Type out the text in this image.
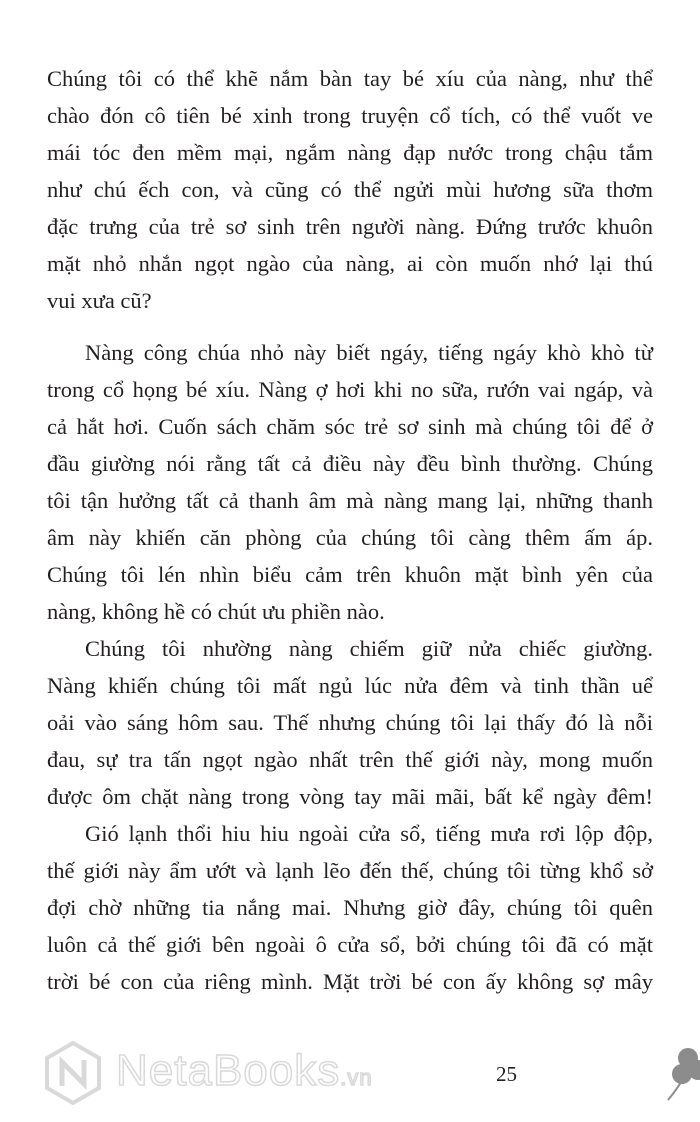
Chúng tôi có thể khẽ nắm bàn tay bé xíu của nàng, như thể
chào đón cô tiên bé xinh trong truyện cổ tích, có thể vuốt ve
mái tóc đen mềm mại, ngắm nàng đạp nước trong chậu tắm
như chú ếch con, và cũng có thể ngửi mùi hương sữa thơm
đặc trưng của trẻ sơ sinh trên người nàng. Đứng trước khuôn
mặt nhỏ nhắn ngọt ngào của nàng, ai còn muốn nhớ lại thú
vui xưa cũ?
Nàng công chúa nhỏ này biết ngáy, tiếng ngáy khò khò từ
trong cổ họng bé xíu. Nàng ợ hơi khi no sữa, rướn vai ngáp, và
cả hắt hơi. Cuốn sách chăm sóc trẻ sơ sinh mà chúng tôi để ở
đầu giường nói rằng tất cả điều này đều bình thường. Chúng
tôi tận hưởng tất cả thanh âm mà nàng mang lại, những thanh
âm này khiến căn phòng của chúng tôi càng thêm ấm áp.
Chúng tôi lén nhìn biểu cảm trên khuôn mặt bình yên của
nàng, không hề có chút ưu phiền nào.
Chúng tôi nhường nàng chiếm giữ nửa chiếc giường.
Nàng khiến chúng tôi mất ngủ lúc nửa đêm và tinh thần uể
oải vào sáng hôm sau. Thế nhưng chúng tôi lại thấy đó là nỗi
đau, sự tra tấn ngọt ngào nhất trên thế giới này, mong muốn
được ôm chặt nàng trong vòng tay mãi mãi, bất kể ngày đêm!
Gió lạnh thổi hiu hiu ngoài cửa sổ, tiếng mưa rơi lộp độp,
thế giới này ẩm ướt và lạnh lẽo đến thế, chúng tôi từng khổ sở
đợi chờ những tia nắng mai. Nhưng giờ đây, chúng tôi quên
luôn cả thế giới bên ngoài ô cửa sổ, bởi chúng tôi đã có mặt
trời bé con của riêng mình. Mặt trời bé con ấy không sợ mây
NetaBooks.vn	25
